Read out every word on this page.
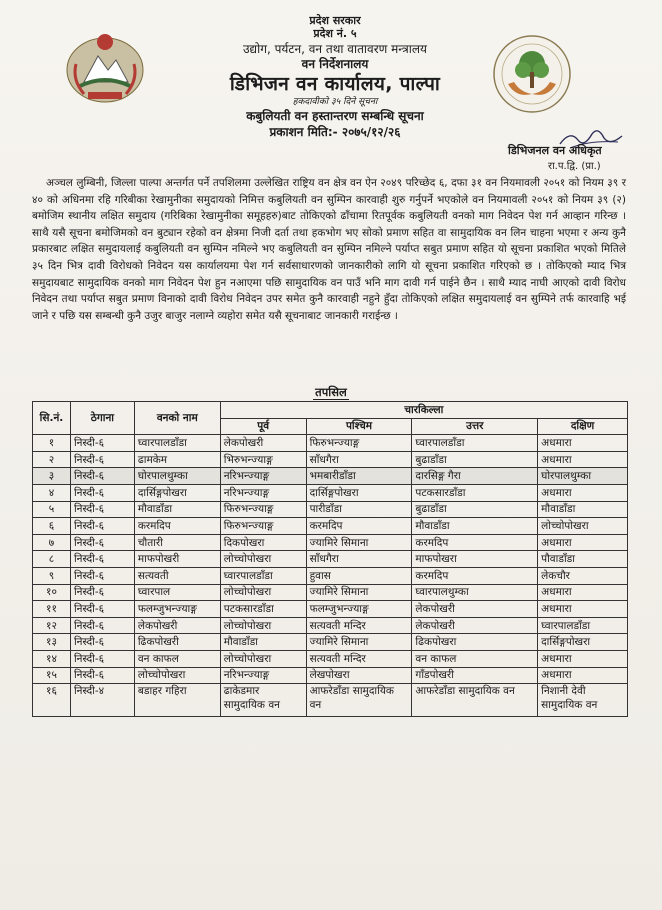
प्रदेश सरकार
प्रदेश नं. ५
उद्योग, पर्यटन, वन तथा वातावरण मन्त्रालय
वन निर्देशनालय
डिभिजन वन कार्यालय, पाल्पा
हकदावीको ३५ दिने सूचना
कबुलियती वन हस्तान्तरण सम्बन्धि सूचना
प्रकाशन मिति:- २०७५/१२/२६
डिभिजनल वन अधिकृत
रा.प.द्वि. (प्रा.)
अञ्चल लुम्बिनी, जिल्ला पाल्पा अन्तर्गत पर्ने तपशिलमा उल्लेखित राष्ट्रिय वन क्षेत्र वन ऐन २०४९ परिच्छेद ६, दफा ३१ वन नियमावली २०५१ को नियम ३९ र ४० को अधिनमा रहि गरिबीका रेखामुनीका समुदायको निमित्त कबुलियती वन सुम्पिन कारवाही शुरु गर्नुपर्ने भएकोले वन नियमावली २०५१ को नियम ३९ (२) बमोजिम स्थानीय लक्षित समुदाय (गरिबिका रेखामुनीका समूहहरु)बाट तोकिएको ढाँचामा रितपूर्वक कबुलियती वनको माग निवेदन पेश गर्न आव्हान गरिन्छ । साथै यसै सूचना बमोजिमको वन बुट्यान रहेको वन क्षेत्रमा निजी दर्ता तथा हकभोग भए सोको प्रमाण सहित वा सामुदायिक वन लिन चाहना भएमा र अन्य कुनै प्रकारबाट लक्षित समुदायलाई कबुलियती वन सुम्पिन नमिल्ने भए कबुलियती वन सुम्पिन नमिल्ने पर्याप्त सबुत प्रमाण सहित यो सूचना प्रकाशित भएको मितिले ३५ दिन भित्र दावी विरोधको निवेदन यस कार्यालयमा पेश गर्न सर्वसाधारणको जानकारीको लागि यो सूचना प्रकाशित गरिएको छ । तोकिएको म्याद भित्र समुदायबाट सामुदायिक वनको माग निवेदन पेश हुन नआएमा पछि सामुदायिक वन पाउँ भनि माग दावी गर्न पाईने छैन । साथै म्याद नाघी आएको दावी विरोध निवेदन तथा पर्याप्त सबुत प्रमाण विनाको दावी विरोध निवेदन उपर समेत कुनै कारवाही नहुने हुँदा तोकिएको लक्षित समुदायलाई वन सुम्पिने तर्फ कारवाहि भई जाने र पछि यस सम्बन्धी कुनै उजुर बाजुर नलाग्ने व्यहोरा समेत यसै सूचनाबाट जानकारी गराईन्छ ।
तपसिल
सि.नं.	ठेगाना	वनको नाम	चारकिल्ला			
			पूर्व	पश्चिम	उत्तर	दक्षिण
१	निस्दी-६	घ्वारपालडाँडा	लेकपोखरी	फिरुभन्ज्याङ्ग	घ्वारपालडाँडा	अधमारा
२	निस्दी-६	ढामकेम	भिरुभन्ज्याङ्ग	साँधगैरा	बुढाडाँडा	अधमारा
३	निस्दी-६	घोरपालथुम्का	नरिभन्ज्याङ्ग	भमबारीडाँडा	दारसिङ्ग गैरा	घोरपालथुम्का
४	निस्दी-६	दार्सिङ्गपोखरा	नरिभन्ज्याङ्ग	दार्सिङ्गपोखरा	पटकसारडाँडा	अधमारा
५	निस्दी-६	मौवाडाँडा	फिरुभन्ज्याङ्ग	पारीडाँडा	बुढाडाँडा	मौवाडाँडा
६	निस्दी-६	करमदिप	फिरुभन्ज्याङ्ग	करमदिप	मौवाडाँडा	लोच्चोपोखरा
७	निस्दी-६	चौतारी	दिकपोखरा	ज्यामिरे सिमाना	करमदिप	अधमारा
८	निस्दी-६	माफपोखरी	लोच्चोपोखरा	साँधगैरा	माफपोखरा	पौवाडाँडा
९	निस्दी-६	सत्यवती	घ्वारपालडाँडा	हुवास	करमदिप	लेकचौर
१०	निस्दी-६	घ्वारपाल	लोच्चोपोखरा	ज्यामिरे सिमाना	घ्वारपालथुम्का	अधमारा
११	निस्दी-६	फलम्जुभन्ज्याङ्ग	पटकसारडाँडा	फलम्जुभन्ज्याङ्ग	लेकपोखरी	अधमारा
१२	निस्दी-६	लेकपोखरी	लोच्चोपोखरा	सत्यवती मन्दिर	लेकपोखरी	घ्वारपालडाँडा
१३	निस्दी-६	ढिकपोखरी	मौवाडाँडा	ज्यामिरे सिमाना	ढिकपोखरा	दार्सिङ्गपोखरा
१४	निस्दी-६	वन काफल	लोच्चोपोखरा	सत्यवती मन्दिर	वन काफल	अधमारा
१५	निस्दी-६	लोच्चोपोखरा	नरिभन्ज्याङ्ग	लेखपोखरा	गाँडपोखरी	अधमारा
१६	निस्दी-४	बडाहर गहिरा	ढाकेडमार सामुदायिक वन	आफरेडाँडा सामुदायिक वन	आफरेडाँडा सामुदायिक वन	निशानी देवी सामुदायिक वन
